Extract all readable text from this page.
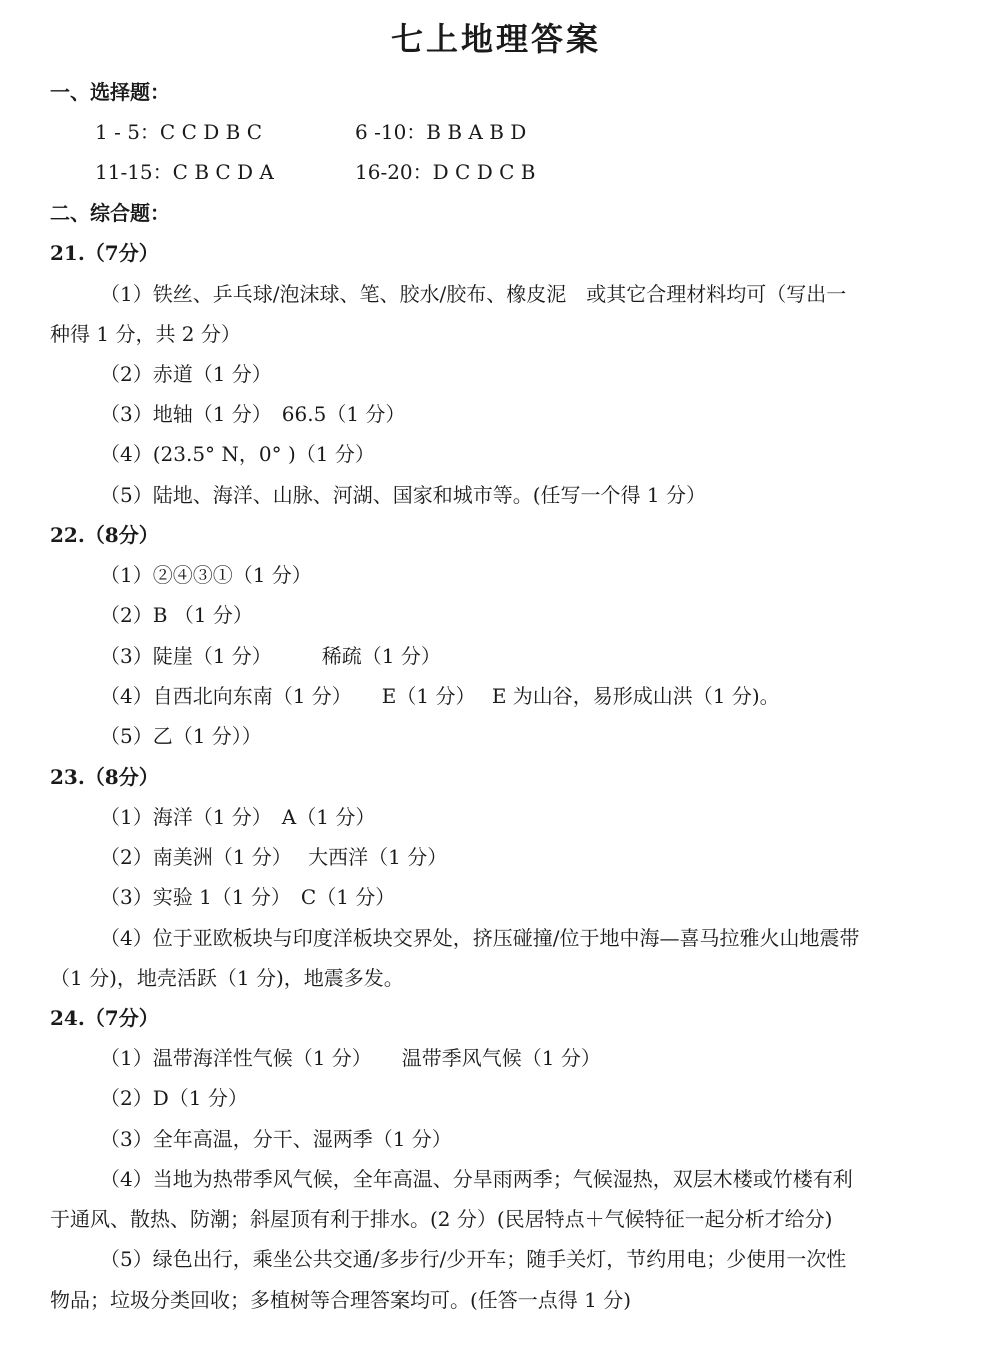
七上地理答案
一、选择题：
1 - 5：C C D B C	6 -10：B B A B D
11-15：C B C D A	16-20：D C D C B
二、综合题：
21.（7分）
（1）铁丝、乒乓球/泡沫球、笔、胶水/胶布、橡皮泥　或其它合理材料均可（写出一
种得 1 分，共 2 分）
（2）赤道（1 分）
（3）地轴（1 分）　66.5（1 分）
（4）(23.5° N，0° )（1 分）
（5）陆地、海洋、山脉、河湖、国家和城市等。(任写一个得 1 分）
22.（8分）
（1）②④③①（1 分）
（2）B （1 分）
（3）陡崖（1 分）　　　稀疏（1 分）
（4）自西北向东南（1 分）　　E（1 分）　 E 为山谷，易形成山洪（1 分)。
（5）乙（1 分））
23.（8分）
（1）海洋（1 分）　A（1 分）
（2）南美洲（1 分）　 大西洋（1 分）
（3）实验 1（1 分）　C（1 分）
（4）位于亚欧板块与印度洋板块交界处，挤压碰撞/位于地中海—喜马拉雅火山地震带
（1 分)，地壳活跃（1 分)，地震多发。
24.（7分）
（1）温带海洋性气候（1 分）　　温带季风气候（1 分）
（2）D（1 分）
（3）全年高温，分干、湿两季（1 分）
（4）当地为热带季风气候，全年高温、分旱雨两季；气候湿热，双层木楼或竹楼有利
于通风、散热、防潮；斜屋顶有利于排水。(2 分）(民居特点＋气候特征一起分析才给分)
（5）绿色出行，乘坐公共交通/多步行/少开车；随手关灯，节约用电；少使用一次性
物品；垃圾分类回收；多植树等合理答案均可。(任答一点得 1 分)
